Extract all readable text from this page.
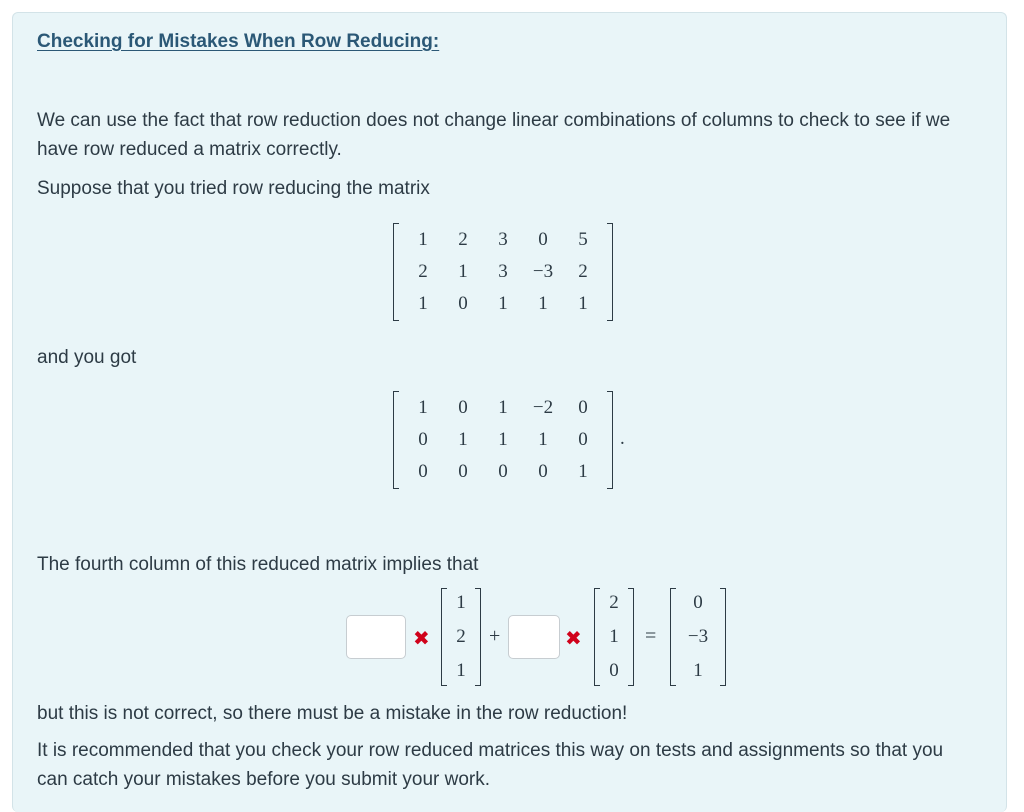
Checking for Mistakes When Row Reducing:

We can use the fact that row reduction does not change linear combinations of columns to check to see if we have row reduced a matrix correctly.

Suppose that you tried row reducing the matrix

1	2	3	0	5
2	1	3	−3	2
1	0	1	1	1

and you got

1	0	1	−2	0
0	1	1	1	0
0	0	0	0	1
.

The fourth column of this reduced matrix implies that

✖
1
2
1
+	✖
2
1
0
=
0
−3
1

but this is not correct, so there must be a mistake in the row reduction!

It is recommended that you check your row reduced matrices this way on tests and assignments so that you can catch your mistakes before you submit your work.
